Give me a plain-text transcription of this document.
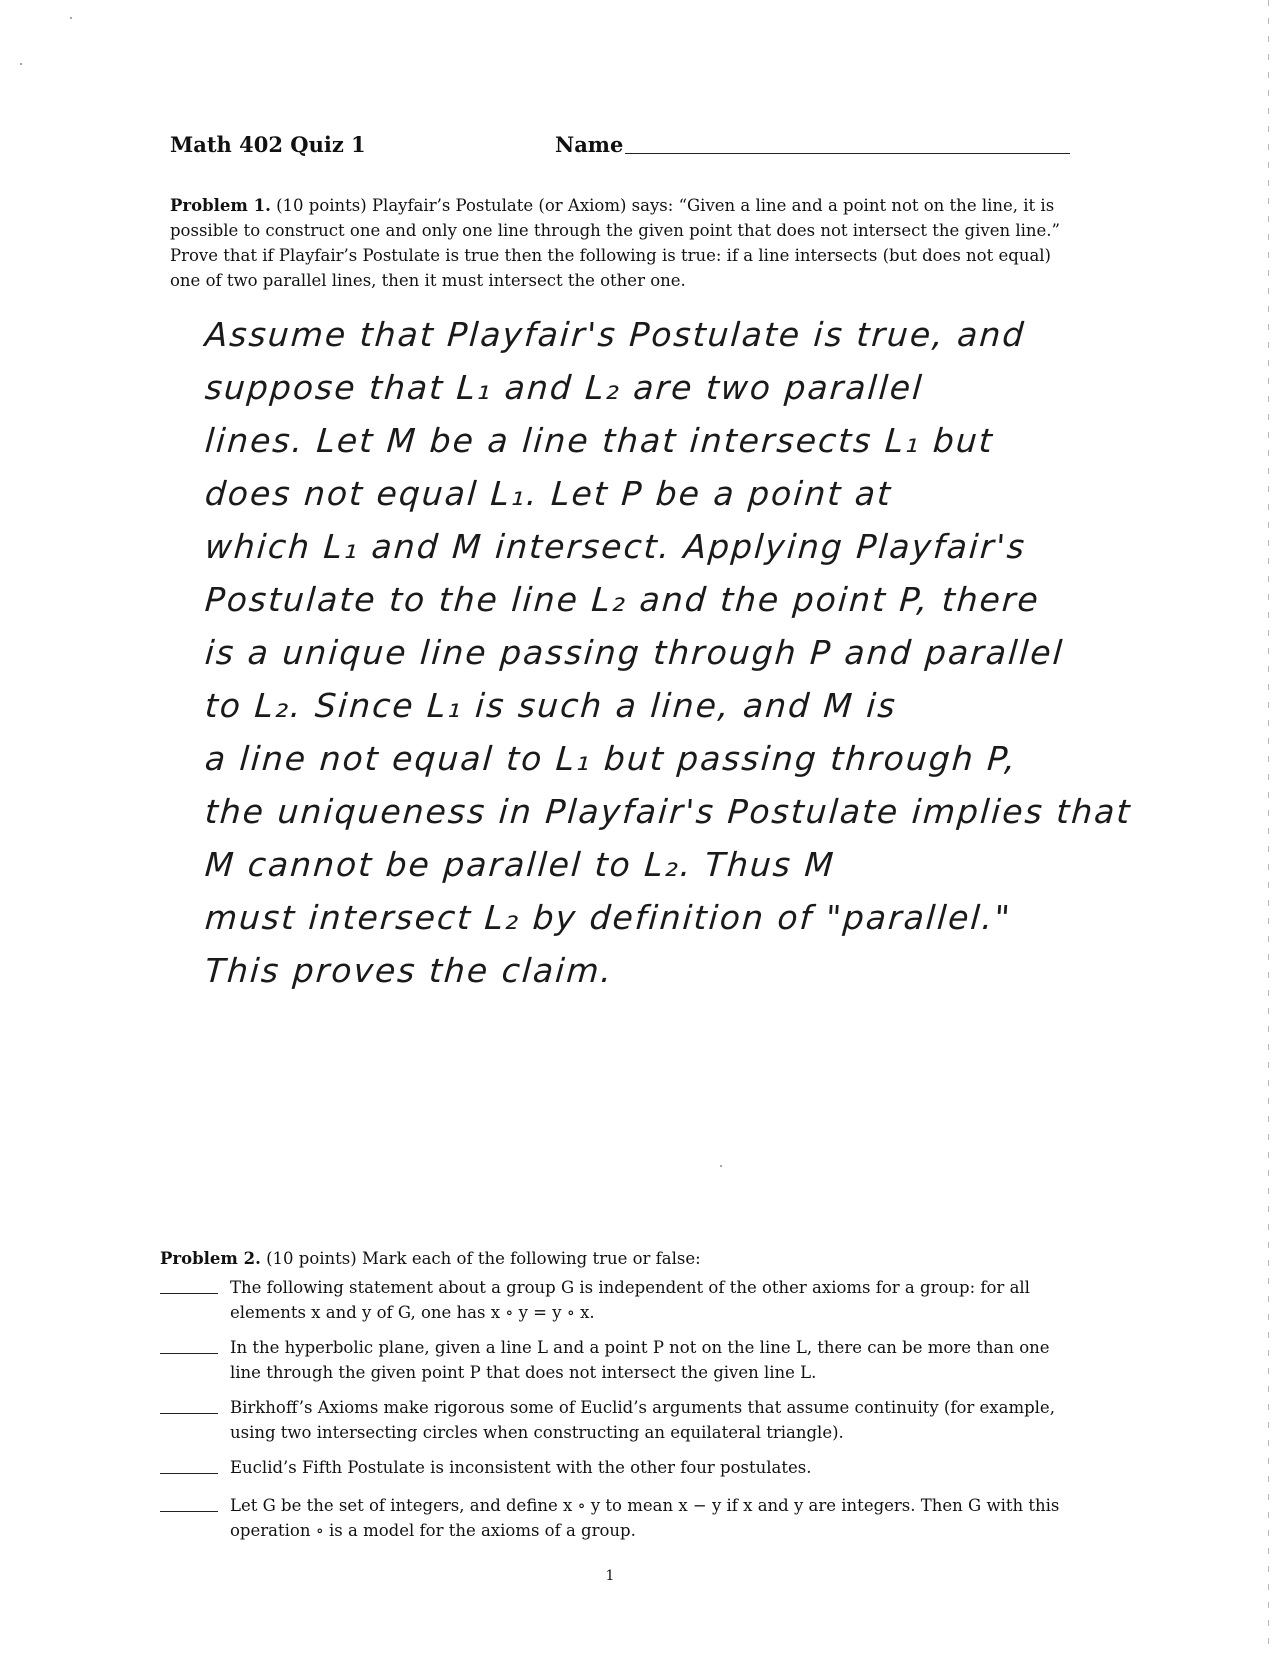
Math 402 Quiz 1	Name
Problem 1. (10 points) Playfair’s Postulate (or Axiom) says: “Given a line and a point not on the line, it is possible to construct one and only one line through the given point that does not intersect the given line.” Prove that if Playfair’s Postulate is true then the following is true: if a line intersects (but does not equal) one of two parallel lines, then it must intersect the other one.
Assume that Playfair's Postulate is true, and
suppose that L₁ and L₂ are two parallel
lines. Let M be a line that intersects L₁ but
does not equal L₁. Let P be a point at
which L₁ and M intersect. Applying Playfair's
Postulate to the line L₂ and the point P, there
is a unique line passing through P and parallel
to L₂. Since L₁ is such a line, and M is
a line not equal to L₁ but passing through P,
the uniqueness in Playfair's Postulate implies that
M cannot be parallel to L₂. Thus M
must intersect L₂ by definition of "parallel."
This proves the claim.
Problem 2. (10 points) Mark each of the following true or false:
The following statement about a group G is independent of the other axioms for a group: for all elements x and y of G, one has x ∘ y = y ∘ x.
In the hyperbolic plane, given a line L and a point P not on the line L, there can be more than one line through the given point P that does not intersect the given line L.
Birkhoff’s Axioms make rigorous some of Euclid’s arguments that assume continuity (for example, using two intersecting circles when constructing an equilateral triangle).
Euclid’s Fifth Postulate is inconsistent with the other four postulates.
Let G be the set of integers, and define x ∘ y to mean x − y if x and y are integers. Then G with this operation ∘ is a model for the axioms of a group.
1
